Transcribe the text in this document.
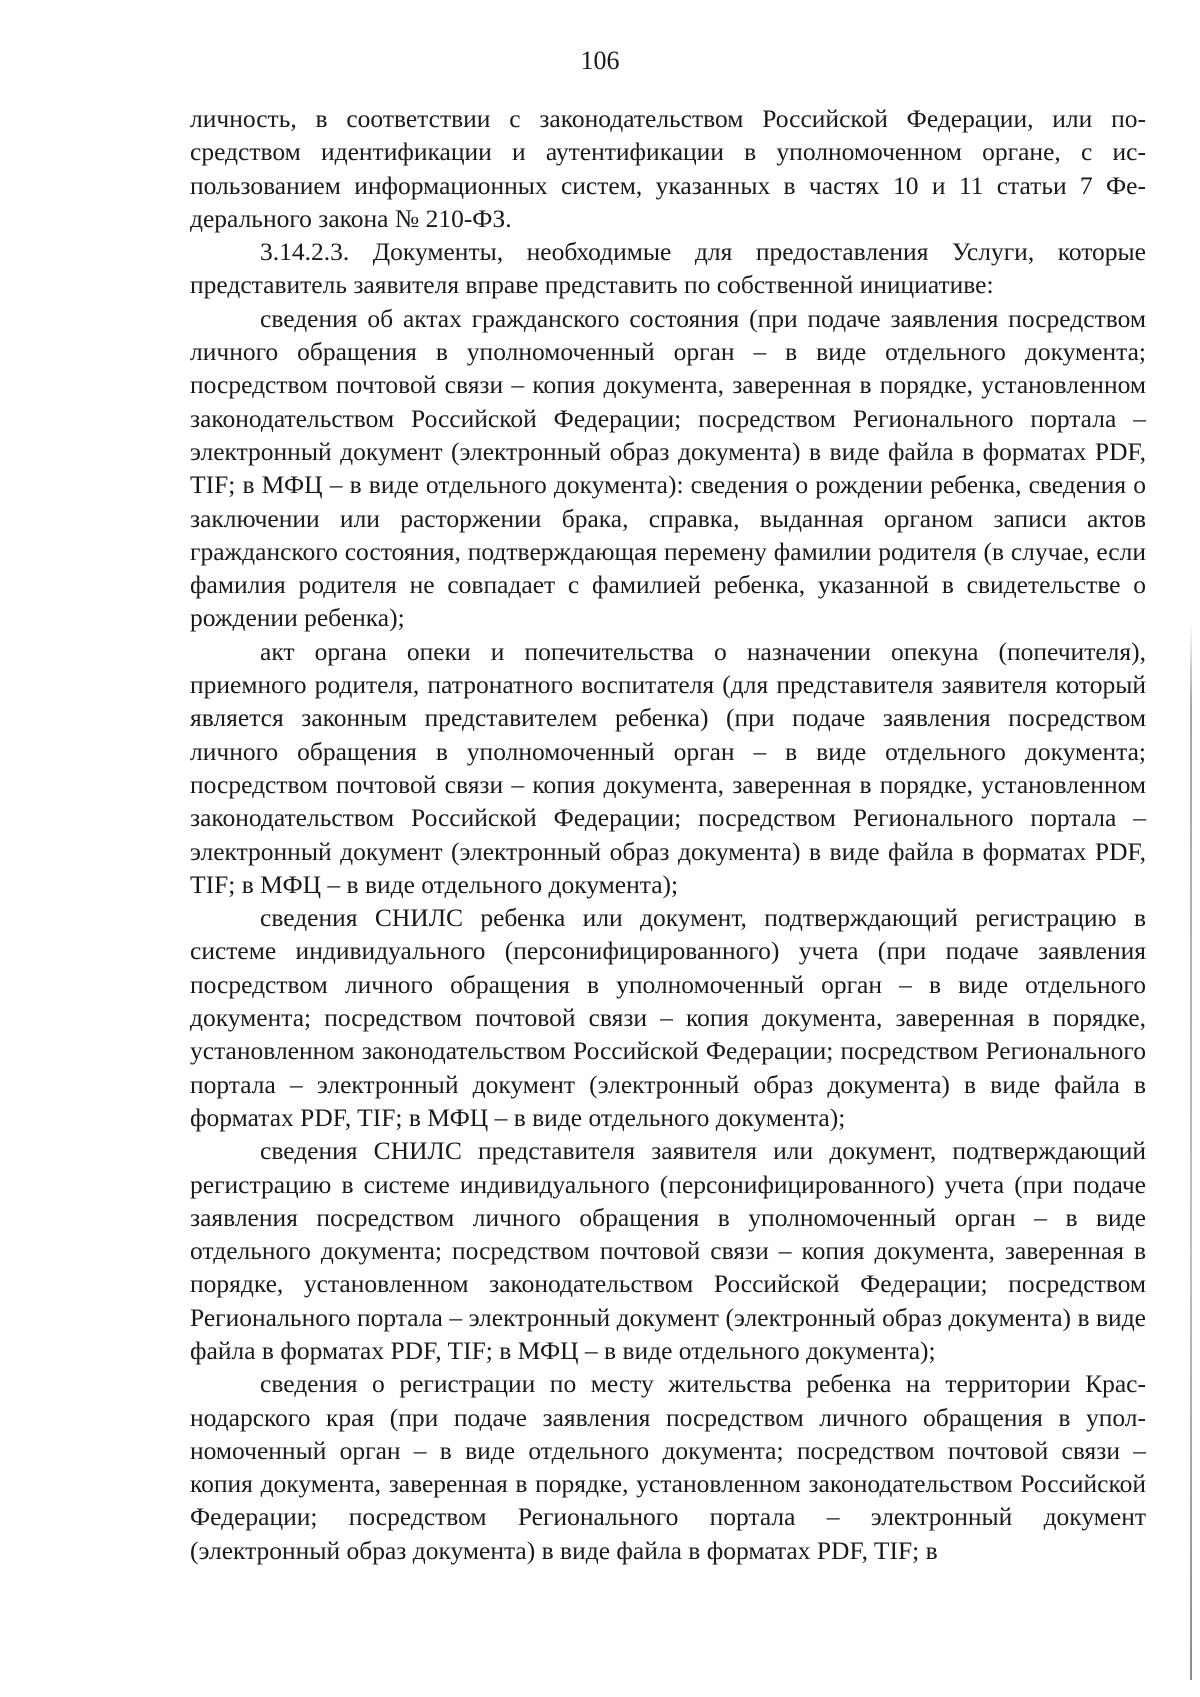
106

личность, в соответствии с законодательством Российской Федерации, или посредством идентификации и аутентификации в уполномоченном органе, с использованием информационных систем, указанных в частях 10 и 11 статьи 7 Федерального закона № 210-ФЗ.

3.14.2.3. Документы, необходимые для предоставления Услуги, которые представитель заявителя вправе представить по собственной инициативе:

сведения об актах гражданского состояния (при подаче заявления посредством личного обращения в уполномоченный орган – в виде отдельного документа; посредством почтовой связи – копия документа, заверенная в порядке, установленном законодательством Российской Федерации; посредством Регионального портала – электронный документ (электронный образ документа) в виде файла в форматах PDF, TIF; в МФЦ – в виде отдельного документа): сведения о рождении ребенка, сведения о заключении или расторжении брака, справка, выданная органом записи актов гражданского состояния, подтверждающая перемену фамилии родителя (в случае, если фамилия родителя не совпадает с фамилией ребенка, указанной в свидетельстве о рождении ребенка);

акт органа опеки и попечительства о назначении опекуна (попечителя), приемного родителя, патронатного воспитателя (для представителя заявителя который является законным представителем ребенка) (при подаче заявления посредством личного обращения в уполномоченный орган – в виде отдельного документа; посредством почтовой связи – копия документа, заверенная в порядке, установленном законодательством Российской Федерации; посредством Регионального портала – электронный документ (электронный образ документа) в виде файла в форматах PDF, TIF; в МФЦ – в виде отдельного документа);

сведения СНИЛС ребенка или документ, подтверждающий регистрацию в системе индивидуального (персонифицированного) учета (при подаче заявления посредством личного обращения в уполномоченный орган – в виде отдельного документа; посредством почтовой связи – копия документа, заверенная в порядке, установленном законодательством Российской Федерации; посредством Регионального портала – электронный документ (электронный образ документа) в виде файла в форматах PDF, TIF; в МФЦ – в виде отдельного документа);

сведения СНИЛС представителя заявителя или документ, подтверждающий регистрацию в системе индивидуального (персонифицированного) учета (при подаче заявления посредством личного обращения в уполномоченный орган – в виде отдельного документа; посредством почтовой связи – копия документа, заверенная в порядке, установленном законодательством Российской Федерации; посредством Регионального портала – электронный документ (электронный образ документа) в виде файла в форматах PDF, TIF; в МФЦ – в виде отдельного документа);

сведения о регистрации по месту жительства ребенка на территории Краснодарского края (при подаче заявления посредством личного обращения в уполномоченный орган – в виде отдельного документа; посредством почтовой связи – копия документа, заверенная в порядке, установленном законодательством Российской Федерации; посредством Регионального портала – электронный документ (электронный образ документа) в виде файла в форматах PDF, TIF; в
